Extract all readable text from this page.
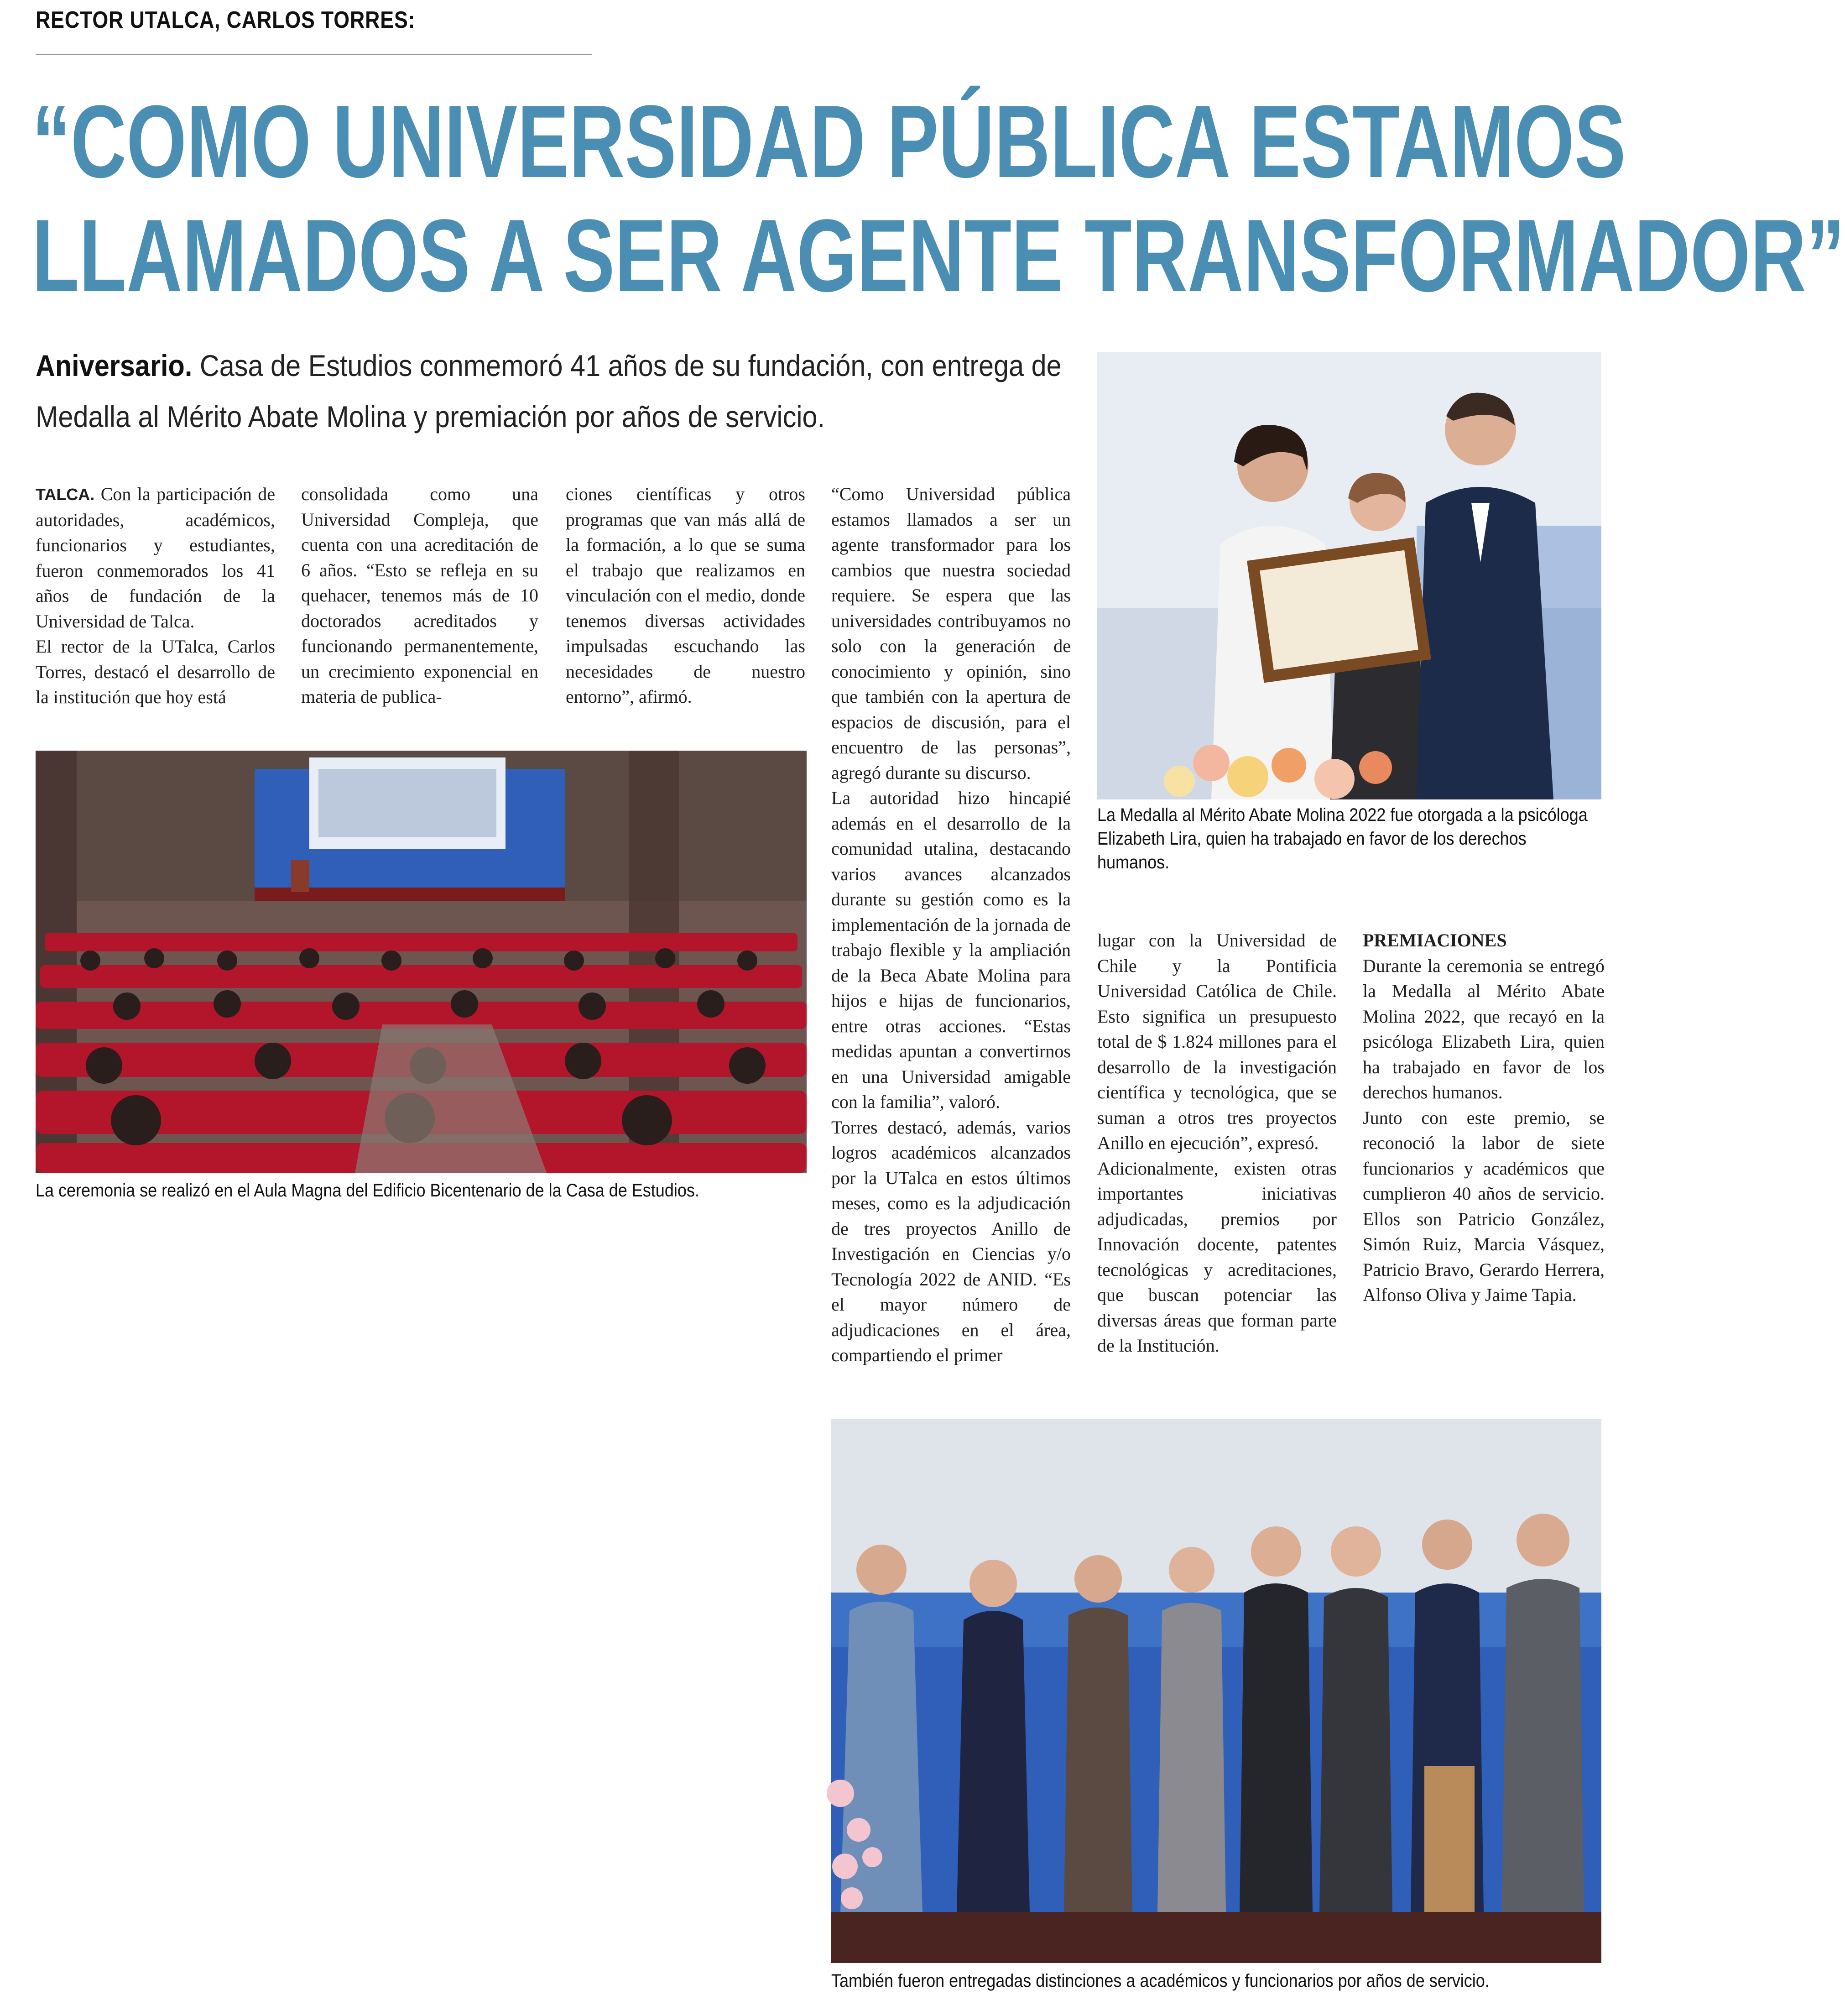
RECTOR UTALCA, CARLOS TORRES:
“COMO UNIVERSIDAD PÚBLICA ESTAMOS
LLAMADOS A SER AGENTE TRANSFORMADOR”
Aniversario. Casa de Estudios conmemoró 41 años de su fundación, con entrega de Medalla al Mérito Abate Molina y premiación por años de servicio.

TALCA. Con la participación de autoridades, académicos, funcionarios y estudiantes, fueron conmemorados los 41 años de fundación de la Universidad de Talca.

El rector de la UTalca, Carlos Torres, destacó el desarrollo de la institución que hoy está

consolidada como una Universidad Compleja, que cuenta con una acreditación de 6 años. “Esto se refleja en su quehacer, tenemos más de 10 doctorados acreditados y funcionando permanentemente, un crecimiento exponencial en materia de publica-

ciones científicas y otros programas que van más allá de la formación, a lo que se suma el trabajo que realizamos en vinculación con el medio, donde tenemos diversas actividades impulsadas escuchando las necesidades de nuestro entorno”, afirmó.

“Como Universidad pública estamos llamados a ser un agente transformador para los cambios que nuestra sociedad requiere. Se espera que las universidades contribuyamos no solo con la generación de conocimiento y opinión, sino que también con la apertura de espacios de discusión, para el encuentro de las personas”, agregó durante su discurso.

La autoridad hizo hincapié además en el desarrollo de la comunidad utalina, destacando varios avances alcanzados durante su gestión como es la implementación de la jornada de trabajo flexible y la ampliación de la Beca Abate Molina para hijos e hijas de funcionarios, entre otras acciones. “Estas medidas apuntan a convertirnos en una Universidad amigable con la familia”, valoró.

Torres destacó, además, varios logros académicos alcanzados por la UTalca en estos últimos meses, como es la adjudicación de tres proyectos Anillo de Investigación en Ciencias y/o Tecnología 2022 de ANID. “Es el mayor número de adjudicaciones en el área, compartiendo el primer

lugar con la Universidad de Chile y la Pontificia Universidad Católica de Chile. Esto significa un presupuesto total de $ 1.824 millones para el desarrollo de la investigación científica y tecnológica, que se suman a otros tres proyectos Anillo en ejecución”, expresó.

Adicionalmente, existen otras importantes iniciativas adjudicadas, premios por Innovación docente, patentes tecnológicas y acreditaciones, que buscan potenciar las diversas áreas que forman parte de la Institución.

PREMIACIONES

Durante la ceremonia se entregó la Medalla al Mérito Abate Molina 2022, que recayó en la psicóloga Elizabeth Lira, quien ha trabajado en favor de los derechos humanos.

Junto con este premio, se reconoció la labor de siete funcionarios y académicos que cumplieron 40 años de servicio. Ellos son Patricio González, Simón Ruiz, Marcia Vásquez, Patricio Bravo, Gerardo Herrera, Alfonso Oliva y Jaime Tapia.

La Medalla al Mérito Abate Molina 2022 fue otorgada a la psicóloga Elizabeth Lira, quien ha trabajado en favor de los derechos humanos.
La ceremonia se realizó en el Aula Magna del Edificio Bicentenario de la Casa de Estudios.
También fueron entregadas distinciones a académicos y funcionarios por años de servicio.
